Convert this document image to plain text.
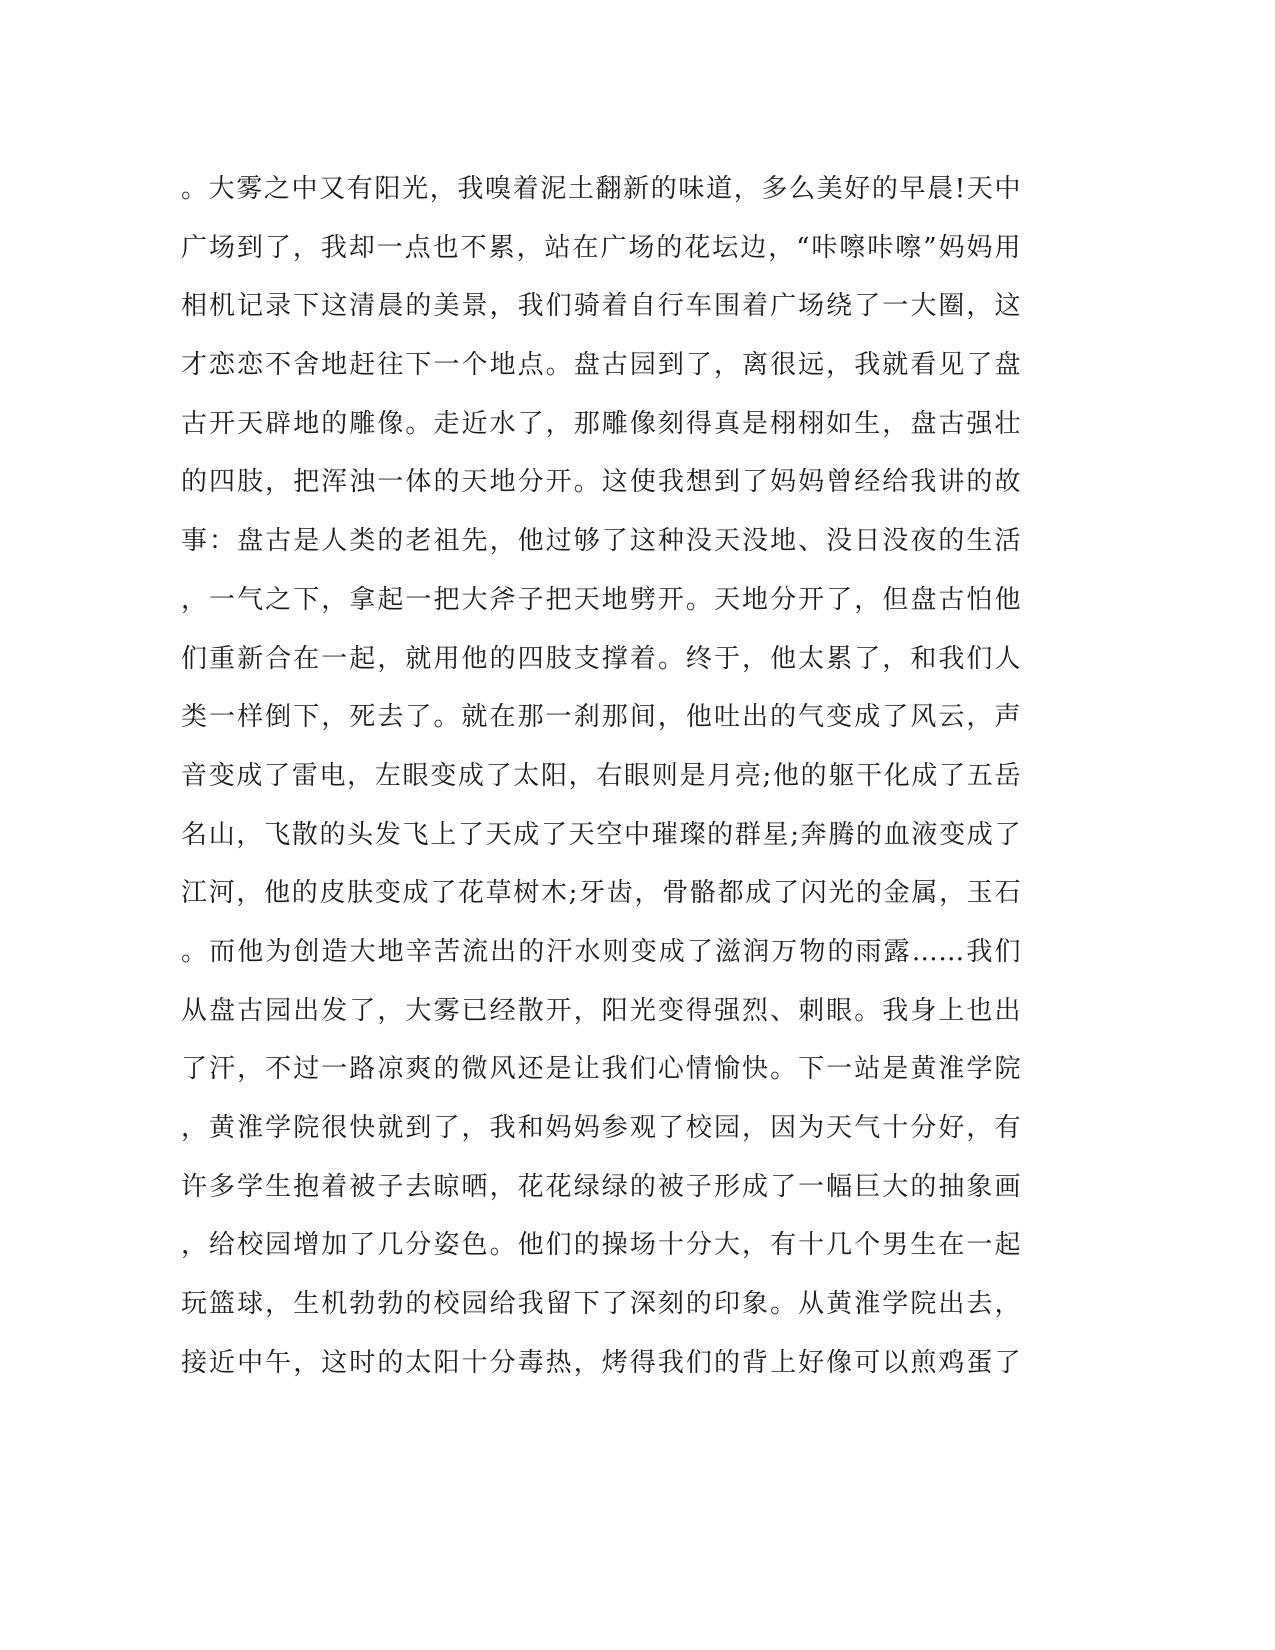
。大雾之中又有阳光，我嗅着泥土翻新的味道，多么美好的早晨!天中
广场到了，我却一点也不累，站在广场的花坛边，“咔嚓咔嚓”妈妈用
相机记录下这清晨的美景，我们骑着自行车围着广场绕了一大圈，这
才恋恋不舍地赶往下一个地点。盘古园到了，离很远，我就看见了盘
古开天辟地的雕像。走近水了，那雕像刻得真是栩栩如生，盘古强壮
的四肢，把浑浊一体的天地分开。这使我想到了妈妈曾经给我讲的故
事：盘古是人类的老祖先，他过够了这种没天没地、没日没夜的生活
，一气之下，拿起一把大斧子把天地劈开。天地分开了，但盘古怕他
们重新合在一起，就用他的四肢支撑着。终于，他太累了，和我们人
类一样倒下，死去了。就在那一刹那间，他吐出的气变成了风云，声
音变成了雷电，左眼变成了太阳，右眼则是月亮;他的躯干化成了五岳
名山，飞散的头发飞上了天成了天空中璀璨的群星;奔腾的血液变成了
江河，他的皮肤变成了花草树木;牙齿，骨骼都成了闪光的金属，玉石
。而他为创造大地辛苦流出的汗水则变成了滋润万物的雨露……我们
从盘古园出发了，大雾已经散开，阳光变得强烈、刺眼。我身上也出
了汗，不过一路凉爽的微风还是让我们心情愉快。下一站是黄淮学院
，黄淮学院很快就到了，我和妈妈参观了校园，因为天气十分好，有
许多学生抱着被子去晾晒，花花绿绿的被子形成了一幅巨大的抽象画
，给校园增加了几分姿色。他们的操场十分大，有十几个男生在一起
玩篮球，生机勃勃的校园给我留下了深刻的印象。从黄淮学院出去，
接近中午，这时的太阳十分毒热，烤得我们的背上好像可以煎鸡蛋了
